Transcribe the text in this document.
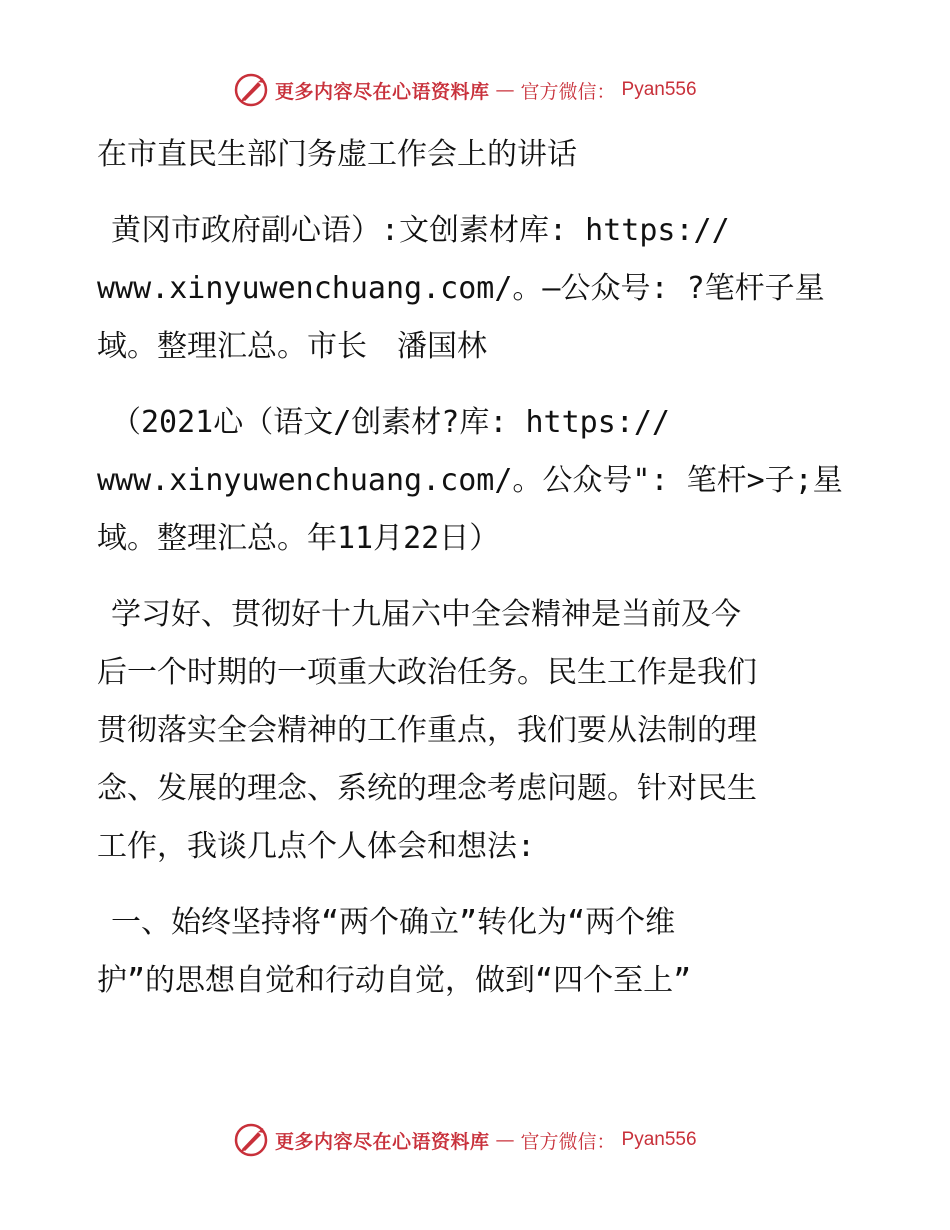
更多内容尽在心语资料库 — 官方微信： Pyan556

在市直民生部门务虚工作会上的讲话

黄冈市政府副心语）:文创素材库: https://
www.xinyuwenchuang.com/。—公众号: ?笔杆子星
域。整理汇总。市长　潘国林

（2021心（语文/创素材?库: https://
www.xinyuwenchuang.com/。公众号": 笔杆>子;星
域。整理汇总。年11月22日）

学习好、贯彻好十九届六中全会精神是当前及今
后一个时期的一项重大政治任务。民生工作是我们
贯彻落实全会精神的工作重点，我们要从法制的理
念、发展的理念、系统的理念考虑问题。针对民生
工作，我谈几点个人体会和想法:

一、始终坚持将“两个确立”转化为“两个维
护”的思想自觉和行动自觉，做到“四个至上”

更多内容尽在心语资料库 — 官方微信： Pyan556
